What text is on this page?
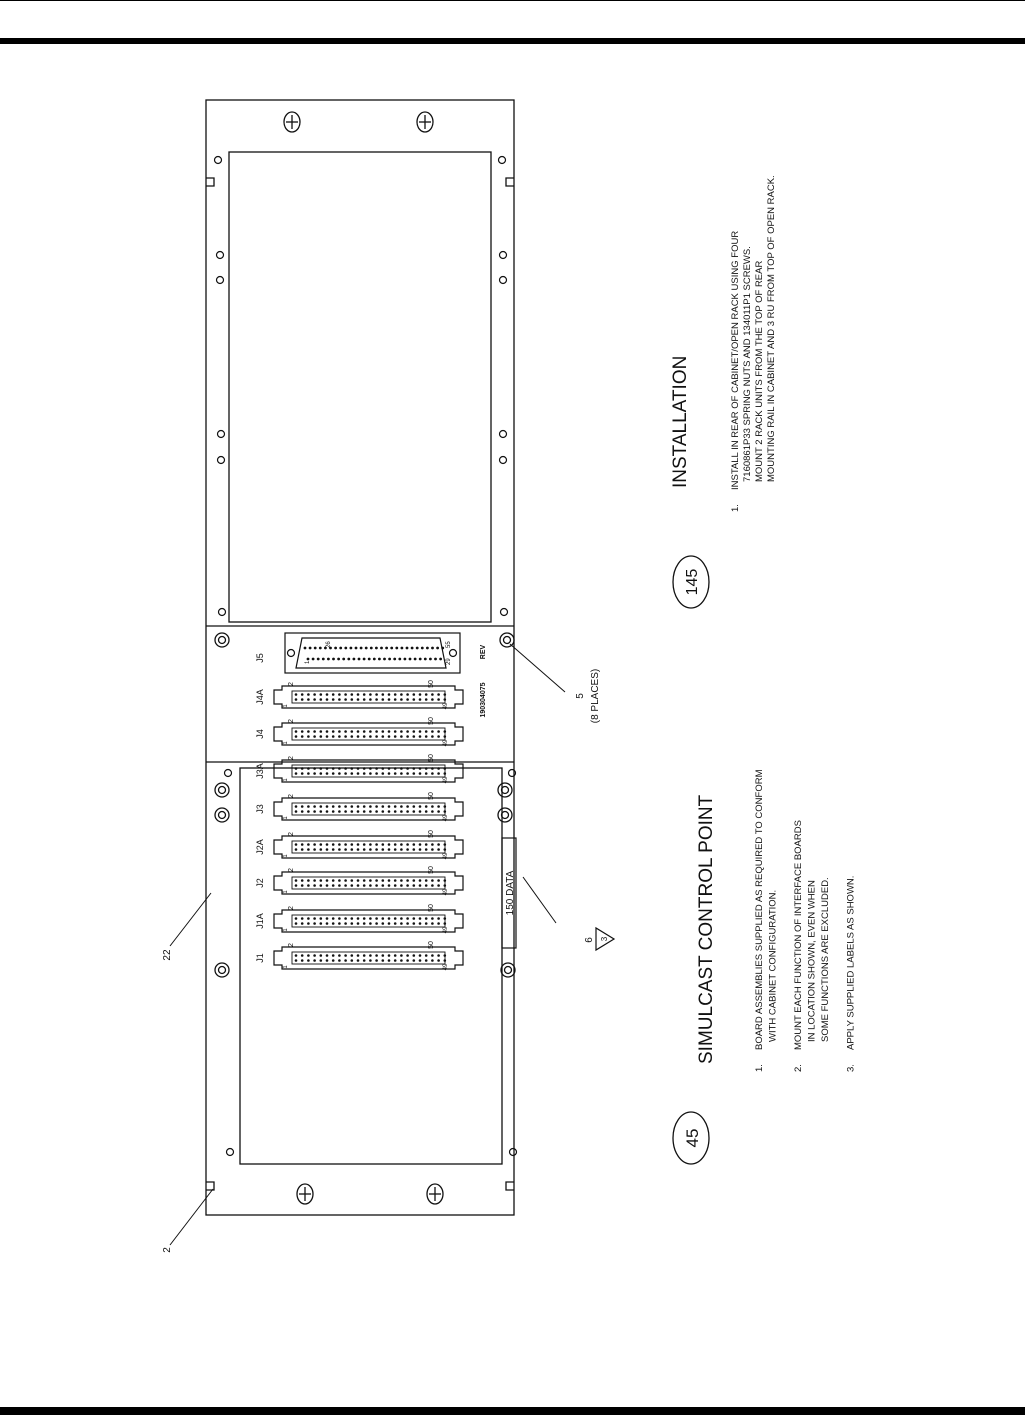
J5
26	55
1	29
190304075
REV
J1
2
1
50
49
J1A
2
1
50
49
J2
2
1
50
49
J2A
2
1
50
49
J3
2
1
50
49
J3A
2
1
50
49
J4
2
1
50
49
J4A
2
1
50
49
150 DATA
2
22
5 (8 PLACES)
6 3
45
SIMULCAST CONTROL POINT
1.
BOARD ASSEMBLIES SUPPLIED AS REQUIRED TO CONFORM WITH CABINET CONFIGURATION.
2.
MOUNT EACH FUNCTION OF INTERFACE BOARDS IN LOCATION SHOWN, EVEN WHEN SOME FUNCTIONS ARE EXCLUDED.
3.
APPLY SUPPLIED LABELS AS SHOWN.
145
INSTALLATION
1.
INSTALL IN REAR OF CABINET/OPEN RACK USING FOUR 7160861P33 SPRING NUTS AND 134011P1 SCREWS. MOUNT 2 RACK UNITS FROM THE TOP OF REAR MOUNTING RAIL IN CABINET AND 3 RU FROM TOP OF OPEN RACK.
